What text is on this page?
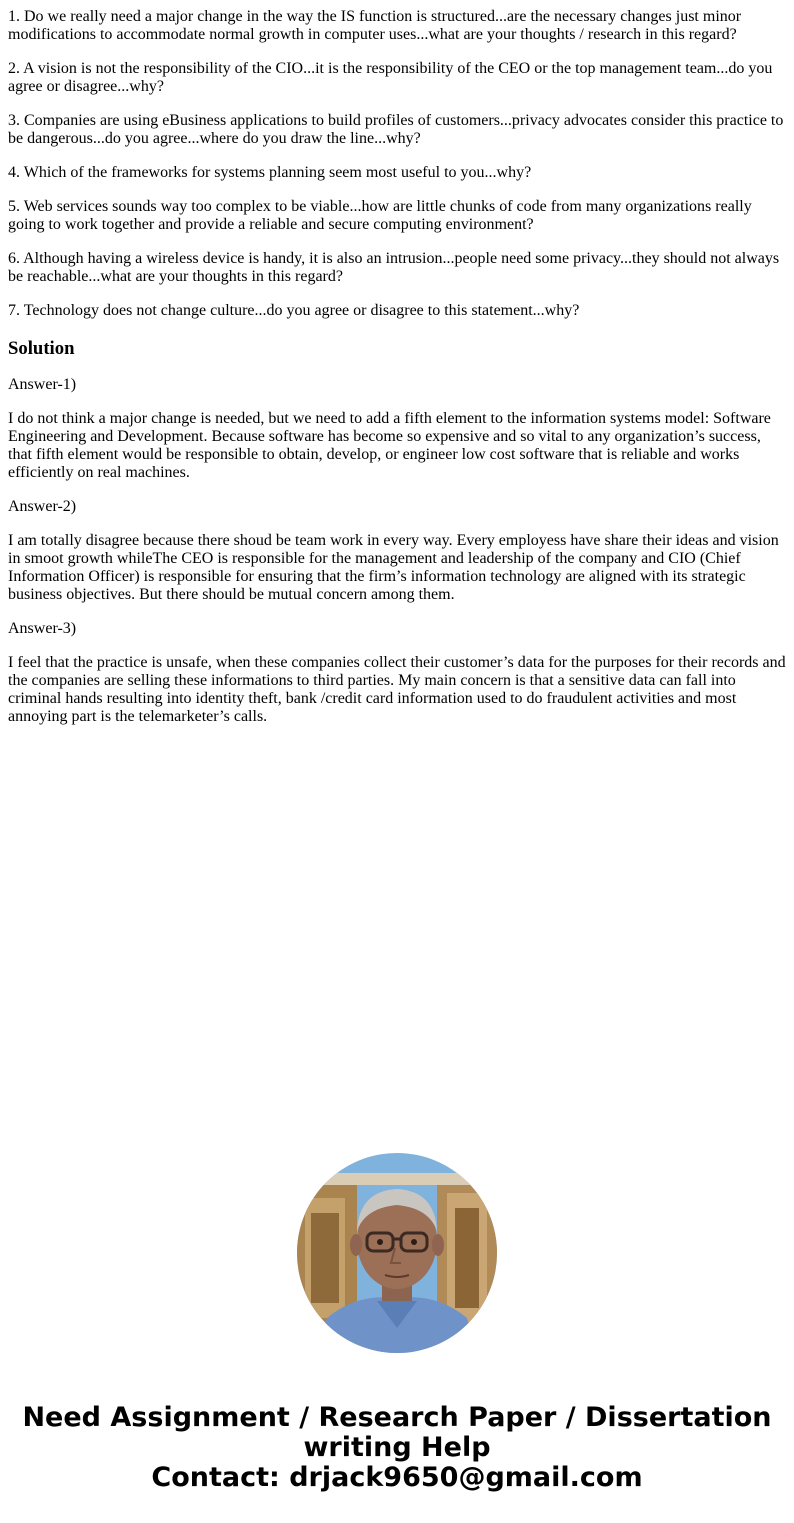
1. Do we really need a major change in the way the IS function is structured...are the necessary changes just minor modifications to accommodate normal growth in computer uses...what are your thoughts / research in this regard?

2. A vision is not the responsibility of the CIO...it is the responsibility of the CEO or the top management team...do you agree or disagree...why?

3. Companies are using eBusiness applications to build profiles of customers...privacy advocates consider this practice to be dangerous...do you agree...where do you draw the line...why?

4. Which of the frameworks for systems planning seem most useful to you...why?

5. Web services sounds way too complex to be viable...how are little chunks of code from many organizations really going to work together and provide a reliable and secure computing environment?

6. Although having a wireless device is handy, it is also an intrusion...people need some privacy...they should not always be reachable...what are your thoughts in this regard?

7. Technology does not change culture...do you agree or disagree to this statement...why?

Solution

Answer-1)

I do not think a major change is needed, but we need to add a fifth element to the information systems model: Software Engineering and Development. Because software has become so expensive and so vital to any organization’s success, that fifth element would be responsible to obtain, develop, or engineer low cost software that is reliable and works efficiently on real machines.

Answer-2)

I am totally disagree because there shoud be team work in every way. Every employess have share their ideas and vision in smoot growth whileThe CEO is responsible for the management and leadership of the company and CIO (Chief Information Officer) is responsible for ensuring that the firm’s information technology are aligned with its strategic business objectives. But there should be mutual concern among them.

Answer-3)

I feel that the practice is unsafe, when these companies collect their customer’s data for the purposes for their records and the companies are selling these informations to third parties. My main concern is that a sensitive data can fall into criminal hands resulting into identity theft, bank /credit card information used to do fraudulent activities and most annoying part is the telemarketer’s calls.

Need Assignment / Research Paper / Dissertation
writing Help
Contact: drjack9650@gmail.com
